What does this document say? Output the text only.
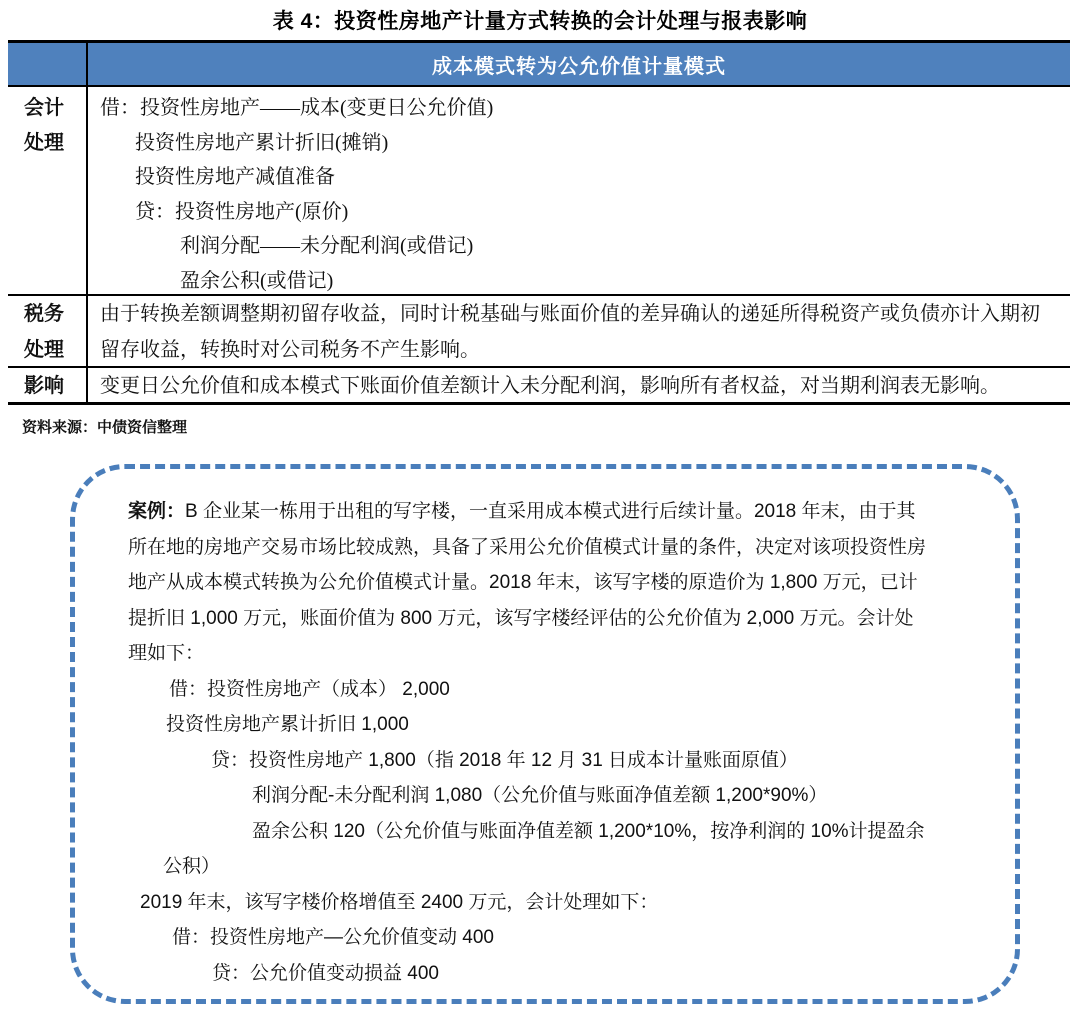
表 4：投资性房地产计量方式转换的会计处理与报表影响
成本模式转为公允价值计量模式
会计
处理
借：投资性房地产——成本(变更日公允价值)
投资性房地产累计折旧(摊销)
投资性房地产减值准备
贷：投资性房地产(原价)
利润分配——未分配利润(或借记)
盈余公积(或借记)
税务
处理
由于转换差额调整期初留存收益，同时计税基础与账面价值的差异确认的递延所得税资产或负债亦计入期初
留存收益，转换时对公司税务不产生影响。
影响	变更日公允价值和成本模式下账面价值差额计入未分配利润，影响所有者权益，对当期利润表无影响。
资料来源：中债资信整理
案例：B 企业某一栋用于出租的写字楼，一直采用成本模式进行后续计量。2018 年末，由于其
所在地的房地产交易市场比较成熟，具备了采用公允价值模式计量的条件，决定对该项投资性房
地产从成本模式转换为公允价值模式计量。2018 年末，该写字楼的原造价为 1,800 万元，已计
提折旧 1,000 万元，账面价值为 800 万元，该写字楼经评估的公允价值为 2,000 万元。会计处
理如下：
借：投资性房地产（成本） 2,000
投资性房地产累计折旧 1,000
贷：投资性房地产 1,800（指 2018 年 12 月 31 日成本计量账面原值）
利润分配-未分配利润 1,080（公允价值与账面净值差额 1,200*90%）
盈余公积 120（公允价值与账面净值差额 1,200*10%，按净利润的 10%计提盈余
公积）
2019 年末，该写字楼价格增值至 2400 万元，会计处理如下：
借：投资性房地产—公允价值变动 400
贷：公允价值变动损益 400
